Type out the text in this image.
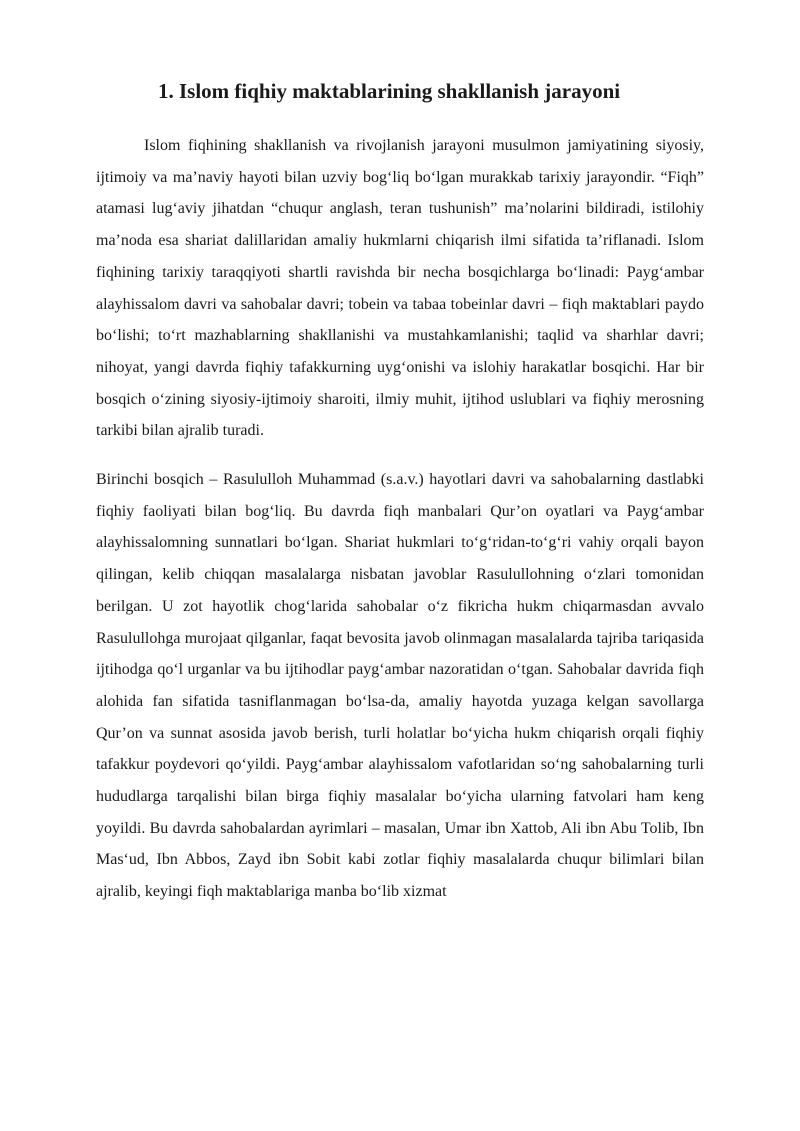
1. Islom fiqhiy maktablarining shakllanish jarayoni

Islom fiqhining shakllanish va rivojlanish jarayoni musulmon jamiyatining siyosiy, ijtimoiy va ma’naviy hayoti bilan uzviy bog‘liq bo‘lgan murakkab tarixiy jarayondir. “Fiqh” atamasi lug‘aviy jihatdan “chuqur anglash, teran tushunish” ma’nolarini bildiradi, istilohiy ma’noda esa shariat dalillaridan amaliy hukmlarni chiqarish ilmi sifatida ta’riflanadi. Islom fiqhining tarixiy taraqqiyoti shartli ravishda bir necha bosqichlarga bo‘linadi: Payg‘ambar alayhissalom davri va sahobalar davri; tobein va tabaa tobeinlar davri – fiqh maktablari paydo bo‘lishi; to‘rt mazhablarning shakllanishi va mustahkamlanishi; taqlid va sharhlar davri; nihoyat, yangi davrda fiqhiy tafakkurning uyg‘onishi va islohiy harakatlar bosqichi. Har bir bosqich o‘zining siyosiy-ijtimoiy sharoiti, ilmiy muhit, ijtihod uslublari va fiqhiy merosning tarkibi bilan ajralib turadi.

Birinchi bosqich – Rasululloh Muhammad (s.a.v.) hayotlari davri va sahobalarning dastlabki fiqhiy faoliyati bilan bog‘liq. Bu davrda fiqh manbalari Qur’on oyatlari va Payg‘ambar alayhissalomning sunnatlari bo‘lgan. Shariat hukmlari to‘g‘ridan-to‘g‘ri vahiy orqali bayon qilingan, kelib chiqqan masalalarga nisbatan javoblar Rasulullohning o‘zlari tomonidan berilgan. U zot hayotlik chog‘larida sahobalar o‘z fikricha hukm chiqarmasdan avvalo Rasulullohga murojaat qilganlar, faqat bevosita javob olinmagan masalalarda tajriba tariqasida ijtihodga qo‘l urganlar va bu ijtihodlar payg‘ambar nazoratidan o‘tgan. Sahobalar davrida fiqh alohida fan sifatida tasniflanmagan bo‘lsa-da, amaliy hayotda yuzaga kelgan savollarga Qur’on va sunnat asosida javob berish, turli holatlar bo‘yicha hukm chiqarish orqali fiqhiy tafakkur poydevori qo‘yildi. Payg‘ambar alayhissalom vafotlaridan so‘ng sahobalarning turli hududlarga tarqalishi bilan birga fiqhiy masalalar bo‘yicha ularning fatvolari ham keng yoyildi. Bu davrda sahobalardan ayrimlari – masalan, Umar ibn Xattob, Ali ibn Abu Tolib, Ibn Mas‘ud, Ibn Abbos, Zayd ibn Sobit kabi zotlar fiqhiy masalalarda chuqur bilimlari bilan ajralib, keyingi fiqh maktablariga manba bo‘lib xizmat
